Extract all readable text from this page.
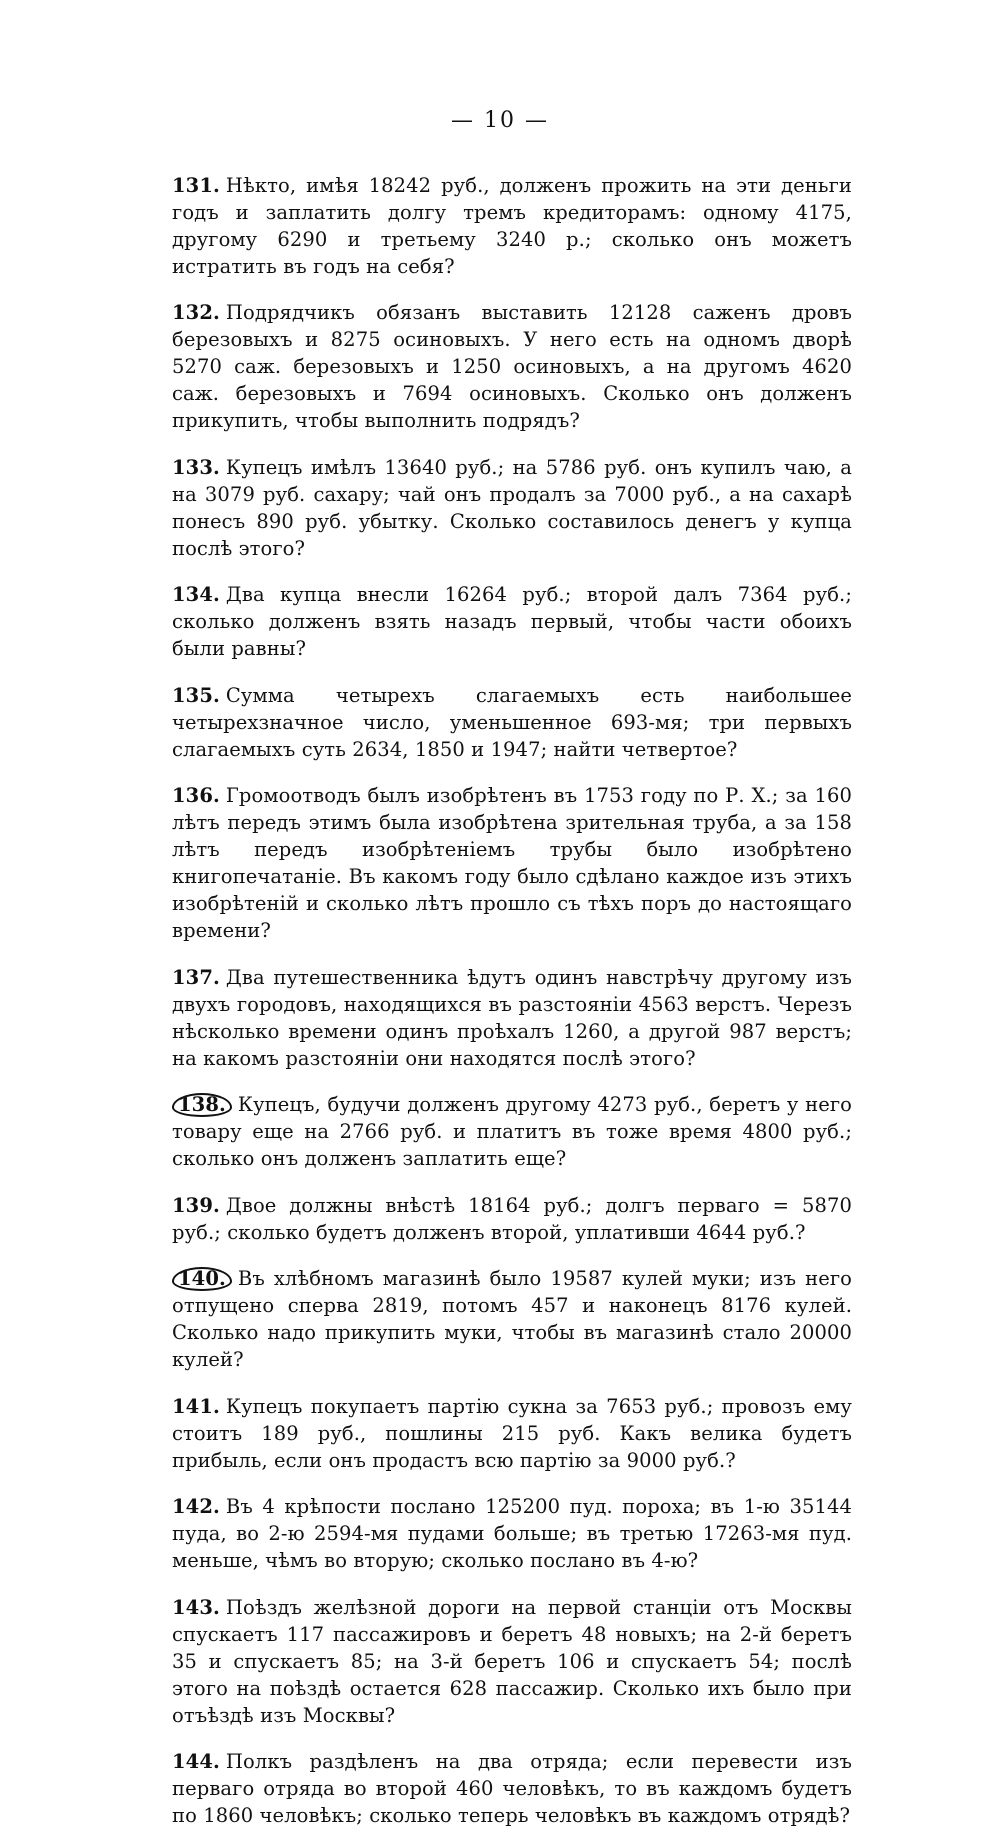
— 10 —

131. Нѣкто, имѣя 18242 руб., долженъ прожить на эти деньги годъ и заплатить долгу тремъ кредиторамъ: одному 4175, другому 6290 и третьему 3240 р.; сколько онъ можетъ истратить въ годъ на себя?

132. Подрядчикъ обязанъ выставить 12128 саженъ дровъ березовыхъ и 8275 осиновыхъ. У него есть на одномъ дворѣ 5270 саж. березовыхъ и 1250 осиновыхъ, а на другомъ 4620 саж. березовыхъ и 7694 осиновыхъ. Сколько онъ долженъ прикупить, чтобы выполнить подрядъ?

133. Купецъ имѣлъ 13640 руб.; на 5786 руб. онъ купилъ чаю, а на 3079 руб. сахару; чай онъ продалъ за 7000 руб., а на сахарѣ понесъ 890 руб. убытку. Сколько составилось денегъ у купца послѣ этого?

134. Два купца внесли 16264 руб.; второй далъ 7364 руб.; сколько долженъ взять назадъ первый, чтобы части обоихъ были равны?

135. Сумма четырехъ слагаемыхъ есть наибольшее четырехзначное число, уменьшенное 693-мя; три первыхъ слагаемыхъ суть 2634, 1850 и 1947; найти четвертое?

136. Громоотводъ былъ изобрѣтенъ въ 1753 году по Р. X.; за 160 лѣтъ передъ этимъ была изобрѣтена зрительная труба, а за 158 лѣтъ передъ изобрѣтеніемъ трубы было изобрѣтено книгопечатаніе. Въ какомъ году было сдѣлано каждое изъ этихъ изобрѣтеній и сколько лѣтъ прошло съ тѣхъ поръ до настоящаго времени?

137. Два путешественника ѣдутъ одинъ навстрѣчу другому изъ двухъ городовъ, находящихся въ разстояніи 4563 верстъ. Черезъ нѣсколько времени одинъ проѣхалъ 1260, а другой 987 верстъ; на какомъ разстояніи они находятся послѣ этого?

138. Купецъ, будучи долженъ другому 4273 руб., беретъ у него товару еще на 2766 руб. и платитъ въ тоже время 4800 руб.; сколько онъ долженъ заплатить еще?

139. Двое должны внѣстѣ 18164 руб.; долгъ перваго = 5870 руб.; сколько будетъ долженъ второй, уплативши 4644 руб.?

140. Въ хлѣбномъ магазинѣ было 19587 кулей муки; изъ него отпущено сперва 2819, потомъ 457 и наконецъ 8176 кулей. Сколько надо прикупить муки, чтобы въ магазинѣ стало 20000 кулей?

141. Купецъ покупаетъ партію сукна за 7653 руб.; провозъ ему стоитъ 189 руб., пошлины 215 руб. Какъ велика будетъ прибыль, если онъ продастъ всю партію за 9000 руб.?

142. Въ 4 крѣпости послано 125200 пуд. пороха; въ 1-ю 35144 пуда, во 2-ю 2594-мя пудами больше; въ третью 17263-мя пуд. меньше, чѣмъ во вторую; сколько послано въ 4-ю?

143. Поѣздъ желѣзной дороги на первой станціи отъ Москвы спускаетъ 117 пассажировъ и беретъ 48 новыхъ; на 2-й беретъ 35 и спускаетъ 85; на 3-й беретъ 106 и спускаетъ 54; послѣ этого на поѣздѣ остается 628 пассажир. Сколько ихъ было при отъѣздѣ изъ Москвы?

144. Полкъ раздѣленъ на два отряда; если перевести изъ перваго отряда во второй 460 человѣкъ, то въ каждомъ будетъ по 1860 человѣкъ; сколько теперь человѣкъ въ каждомъ отрядѣ?
